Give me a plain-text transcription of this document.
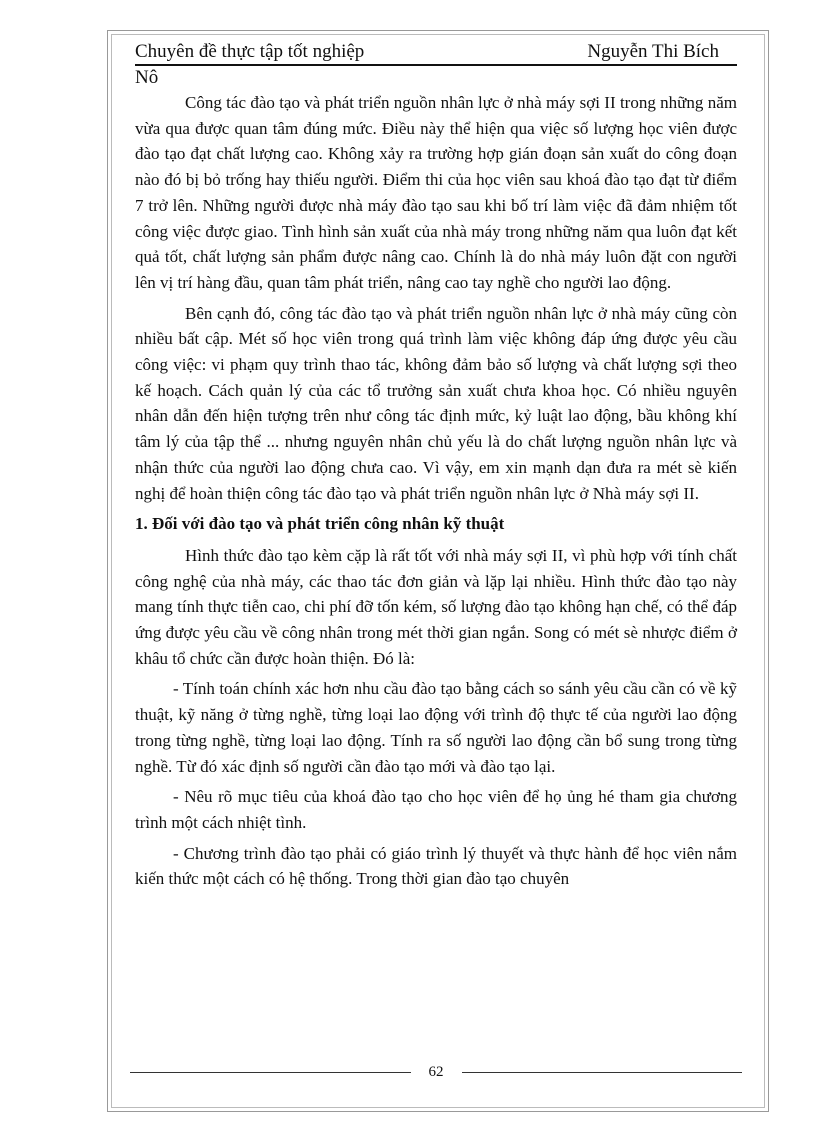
Chuyên đề thực tập tốt nghiệp	Nguyễn Thi Bích
Nô

Công tác đào tạo và phát triển nguồn nhân lực ở nhà máy sợi II trong những năm vừa qua được quan tâm đúng mức. Điều này thể hiện qua việc số lượng học viên được đào tạo đạt chất lượng cao. Không xảy ra trường hợp gián đoạn sản xuất do công đoạn nào đó bị bỏ trống hay thiếu người. Điểm thi của học viên sau khoá đào tạo đạt từ điểm 7 trở lên. Những người được nhà máy đào tạo sau khi bố trí làm việc đã đảm nhiệm tốt công việc được giao. Tình hình sản xuất của nhà máy trong những năm qua luôn đạt kết quả tốt, chất lượng sản phẩm được nâng cao. Chính là do nhà máy luôn đặt con người lên vị trí hàng đầu, quan tâm phát triển, nâng cao tay nghề cho người lao động.

Bên cạnh đó, công tác đào tạo và phát triển nguồn nhân lực ở nhà máy cũng còn nhiều bất cập. Mét số học viên trong quá trình làm việc không đáp ứng được yêu cầu công việc: vi phạm quy trình thao tác, không đảm bảo số lượng và chất lượng sợi theo kế hoạch. Cách quản lý của các tổ trưởng sản xuất chưa khoa học. Có nhiều nguyên nhân dẫn đến hiện tượng trên như công tác định mức, kỷ luật lao động, bầu không khí tâm lý của tập thể ... nhưng nguyên nhân chủ yếu là do chất lượng nguồn nhân lực và nhận thức của người lao động chưa cao. Vì vậy, em xin mạnh dạn đưa ra mét sè kiến nghị để hoàn thiện công tác đào tạo và phát triển nguồn nhân lực ở Nhà máy sợi II.

1. Đối với đào tạo và phát triển công nhân kỹ thuật

Hình thức đào tạo kèm cặp là rất tốt với nhà máy sợi II, vì phù hợp với tính chất công nghệ của nhà máy, các thao tác đơn giản và lặp lại nhiều. Hình thức đào tạo này mang tính thực tiễn cao, chi phí đỡ tốn kém, số lượng đào tạo không hạn chế, có thể đáp ứng được yêu cầu về công nhân trong mét thời gian ngắn. Song có mét sè nhược điểm ở khâu tổ chức cần được hoàn thiện. Đó là:

- Tính toán chính xác hơn nhu cầu đào tạo bằng cách so sánh yêu cầu cần có về kỹ thuật, kỹ năng ở từng nghề, từng loại lao động với trình độ thực tế của người lao động trong từng nghề, từng loại lao động. Tính ra số người lao động cần bổ sung trong từng nghề. Từ đó xác định số người cần đào tạo mới và đào tạo lại.

- Nêu rõ mục tiêu của khoá đào tạo cho học viên để họ ủng hé tham gia chương trình một cách nhiệt tình.

- Chương trình đào tạo phải có giáo trình lý thuyết và thực hành để học viên nắm kiến thức một cách có hệ thống. Trong thời gian đào tạo chuyên

62
